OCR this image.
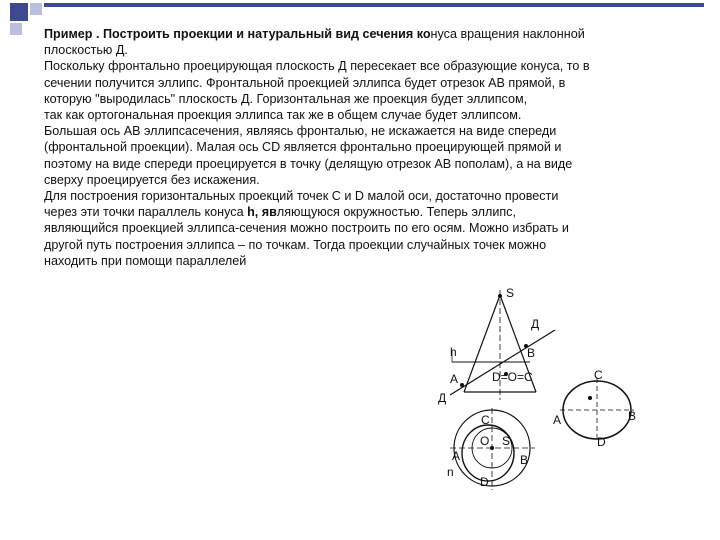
Пример . Построить проекции и натуральный вид сечения конуса вращения наклонной

плоскостью Д.

Поскольку фронтально проецирующая плоскость Д пересекает все образующие конуса, то в

сечении получится эллипс. Фронтальной проекцией эллипса будет отрезок АВ прямой, в

которую "выродилась" плоскость Д. Горизонтальная же проекция будет эллипсом,

так как ортогональная проекция эллипса так же в общем случае будет эллипсом.

Большая ось АВ эллипсасечения, являясь фронталью, не искажается на виде спереди

(фронтальной проекции). Малая ось СD является фронтально проецирующей прямой и

поэтому на виде спереди проецируется в точку (делящую отрезок АВ пополам), а на виде

сверху проецируется без искажения.

Для построения горизонтальных проекций точек С и D малой оси, достаточно провести

через эти точки параллель конуса h, являющуюся окружностью. Теперь эллипс,

являющийся проекцией эллипса-сечения можно построить по его осям. Можно избрать и

другой путь построения эллипса – по точкам. Тогда проекции случайных точек можно

находить при помощи параллелей

S
Д
B
h
A	D=O=C
Д
C
O S
A	B
D
n
C
A	B
D
